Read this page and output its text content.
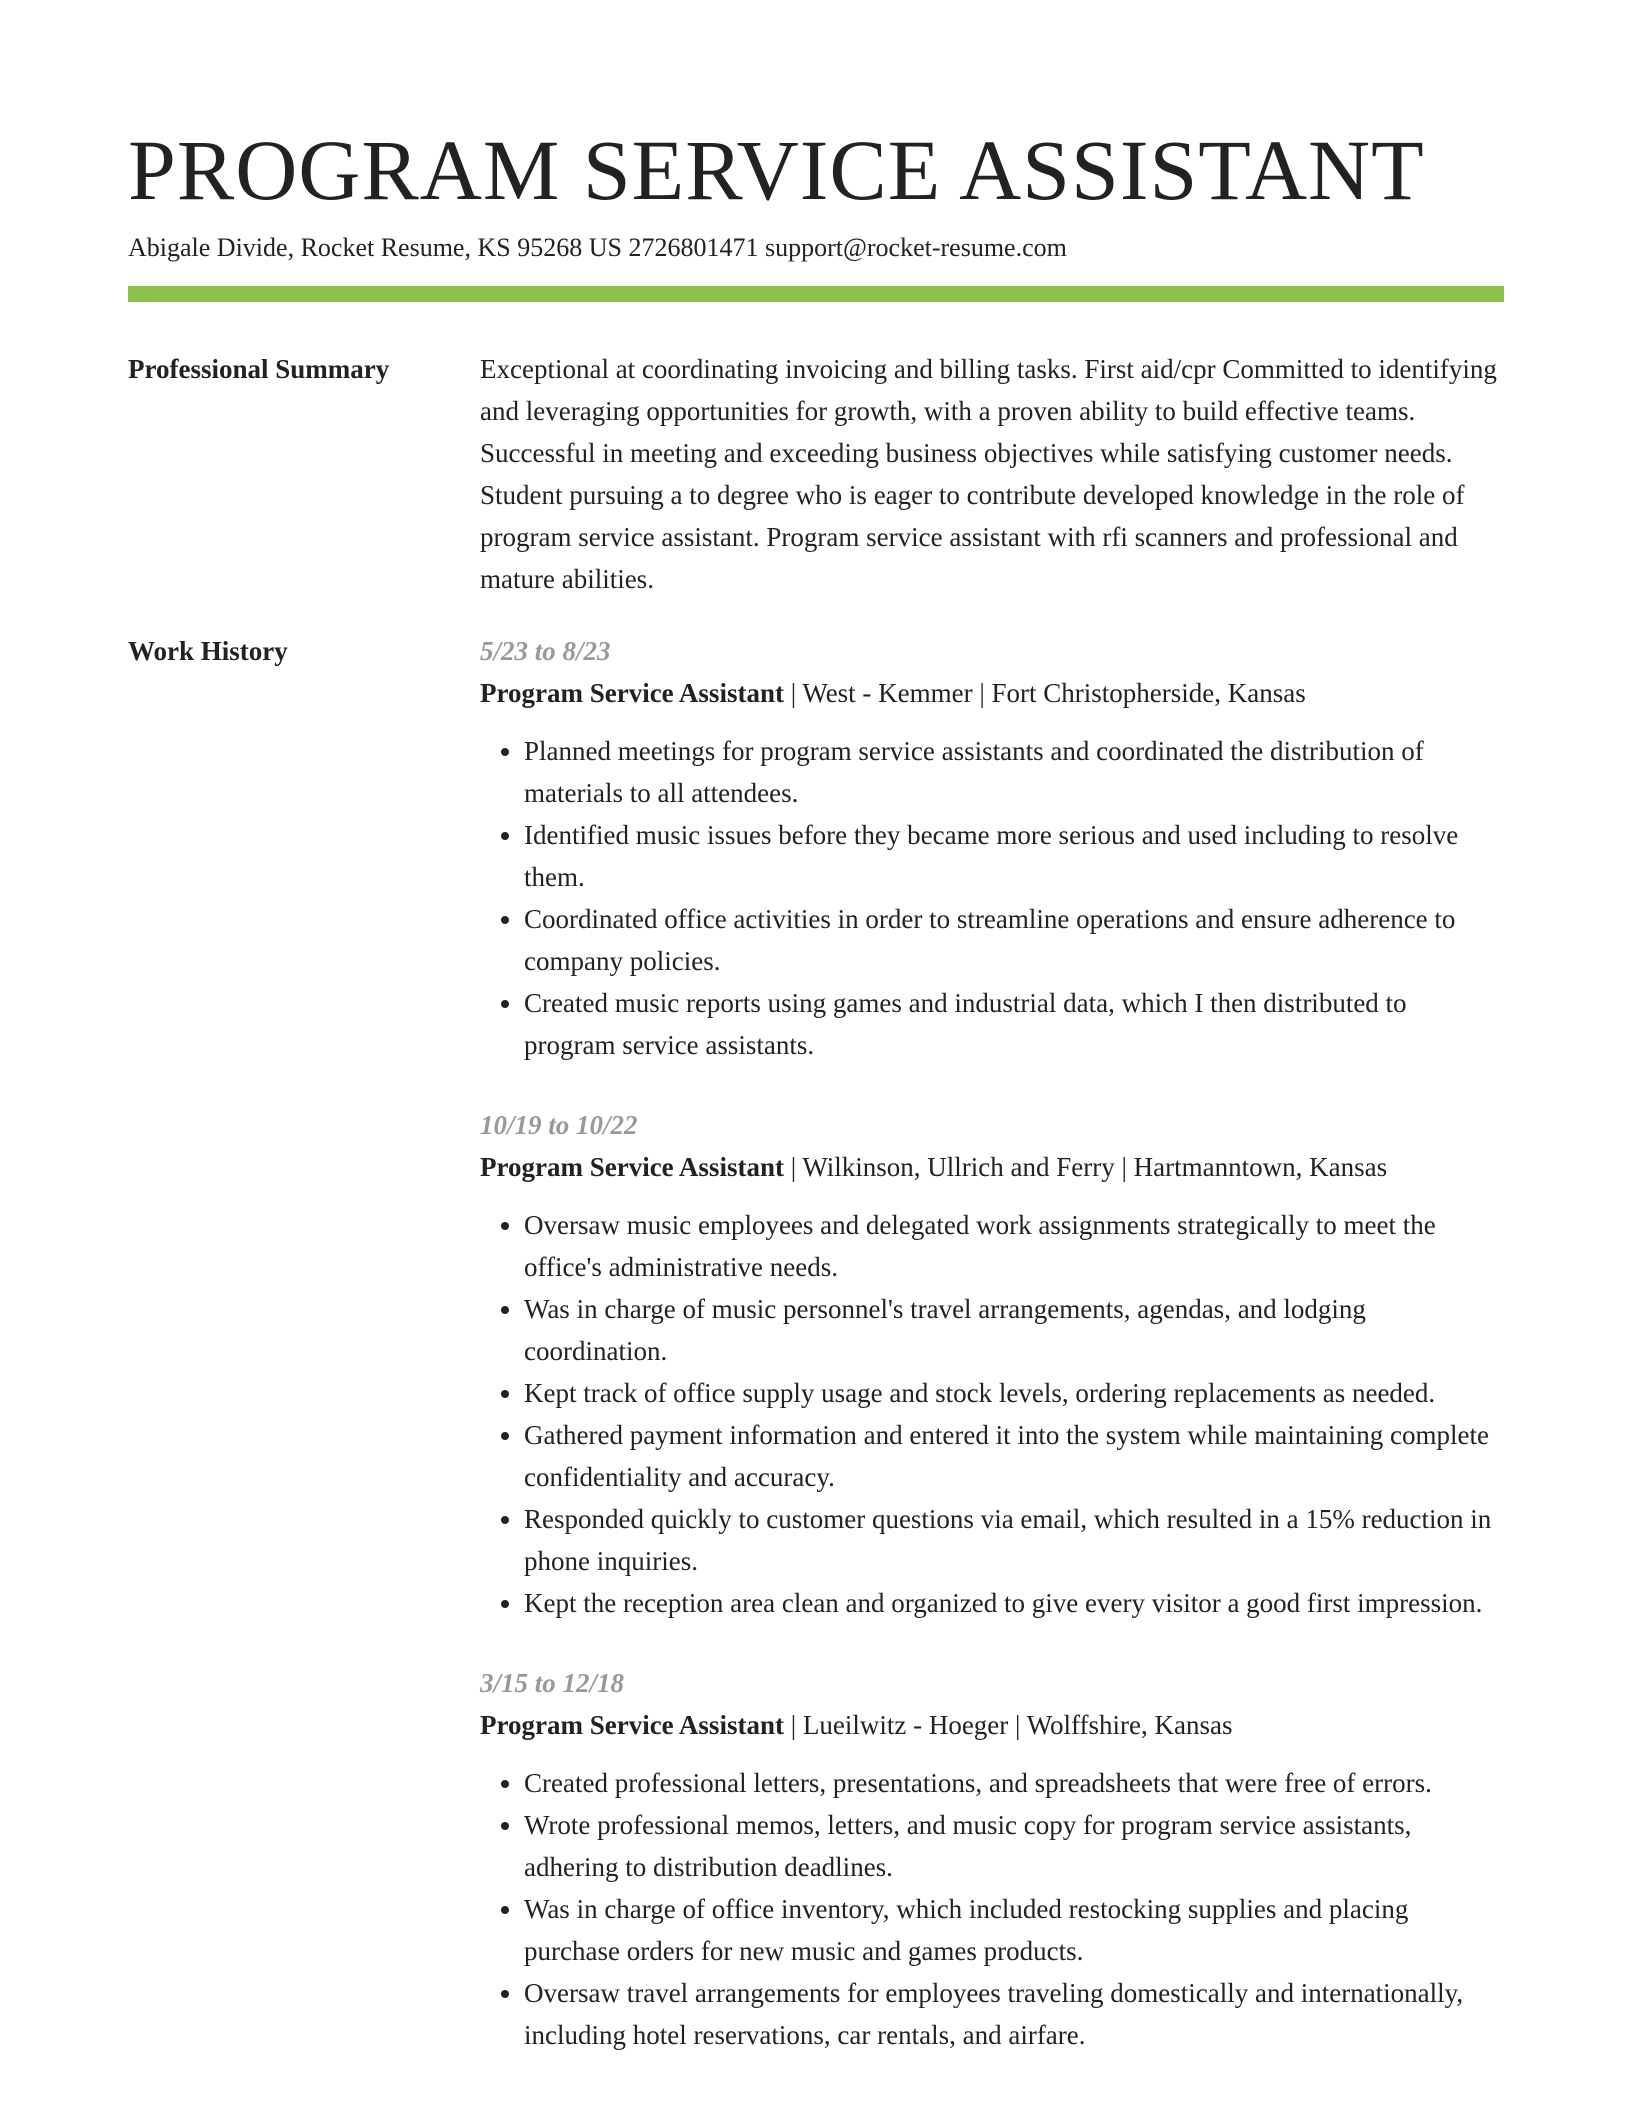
PROGRAM SERVICE ASSISTANT
Abigale Divide, Rocket Resume, KS 95268 US 2726801471 support@rocket-resume.com
Professional Summary	Exceptional at coordinating invoicing and billing tasks. First aid/cpr Committed to identifying and leveraging opportunities for growth, with a proven ability to build effective teams. Successful in meeting and exceeding business objectives while satisfying customer needs. Student pursuing a to degree who is eager to contribute developed knowledge in the role of program service assistant. Program service assistant with rfi scanners and professional and mature abilities.

Work History	5/23 to 8/23
Program Service Assistant | West - Kemmer | Fort Christopherside, Kansas
• Planned meetings for program service assistants and coordinated the distribution of materials to all attendees.
• Identified music issues before they became more serious and used including to resolve them.
• Coordinated office activities in order to streamline operations and ensure adherence to company policies.
• Created music reports using games and industrial data, which I then distributed to program service assistants.
10/19 to 10/22
Program Service Assistant | Wilkinson, Ullrich and Ferry | Hartmanntown, Kansas
• Oversaw music employees and delegated work assignments strategically to meet the office's administrative needs.
• Was in charge of music personnel's travel arrangements, agendas, and lodging coordination.
• Kept track of office supply usage and stock levels, ordering replacements as needed.
• Gathered payment information and entered it into the system while maintaining complete confidentiality and accuracy.
• Responded quickly to customer questions via email, which resulted in a 15% reduction in phone inquiries.
• Kept the reception area clean and organized to give every visitor a good first impression.
3/15 to 12/18
Program Service Assistant | Lueilwitz - Hoeger | Wolffshire, Kansas
• Created professional letters, presentations, and spreadsheets that were free of errors.
• Wrote professional memos, letters, and music copy for program service assistants, adhering to distribution deadlines.
• Was in charge of office inventory, which included restocking supplies and placing purchase orders for new music and games products.
• Oversaw travel arrangements for employees traveling domestically and internationally, including hotel reservations, car rentals, and airfare.
